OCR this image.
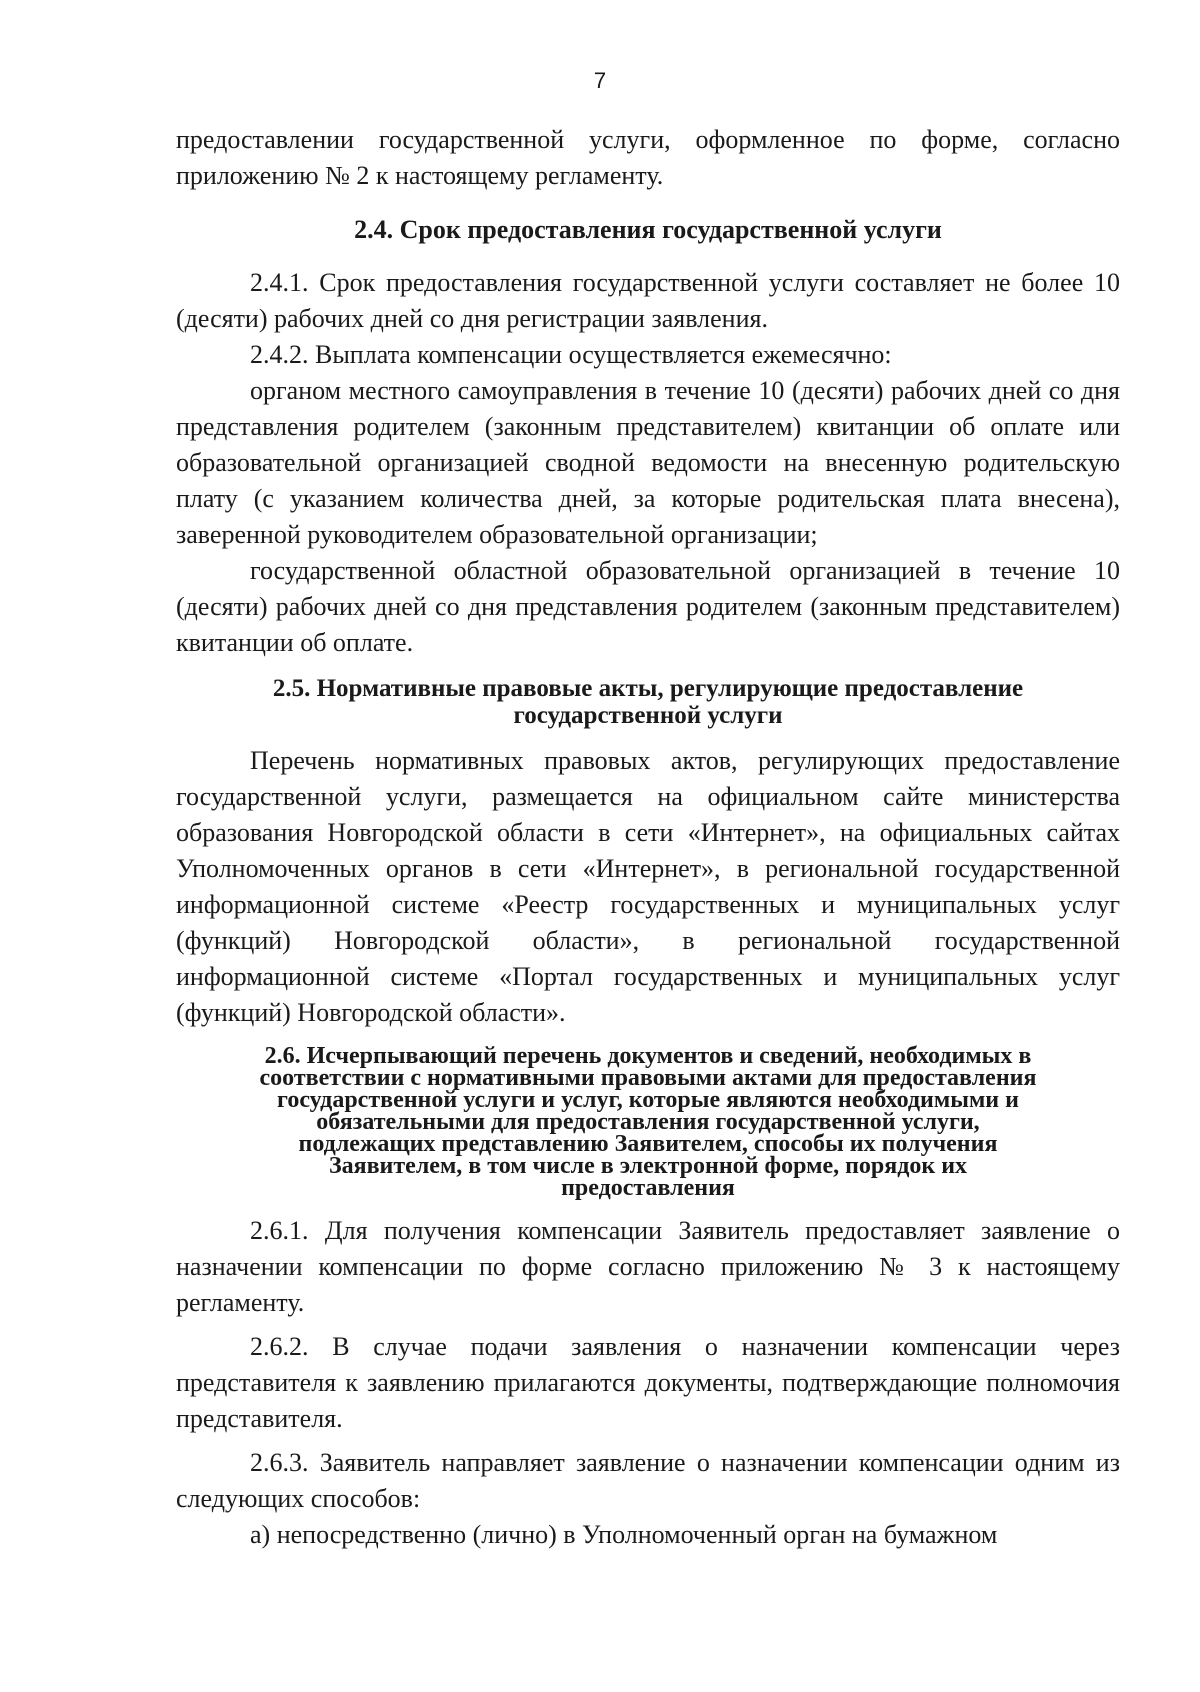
7

предоставлении государственной услуги, оформленное по форме, согласно приложению № 2 к настоящему регламенту.

2.4. Срок предоставления государственной услуги

2.4.1. Срок предоставления государственной услуги составляет не более 10 (десяти) рабочих дней со дня регистрации заявления.

2.4.2. Выплата компенсации осуществляется ежемесячно:

органом местного самоуправления в течение 10 (десяти) рабочих дней со дня представления родителем (законным представителем) квитанции об оплате или образовательной организацией сводной ведомости на внесенную родительскую плату (с указанием количества дней, за которые родительская плата внесена), заверенной руководителем образовательной организации;

государственной областной образовательной организацией в течение 10 (десяти) рабочих дней со дня представления родителем (законным представителем) квитанции об оплате.

2.5. Нормативные правовые акты, регулирующие предоставление
государственной услуги

Перечень нормативных правовых актов, регулирующих предоставление государственной услуги, размещается на официальном сайте министерства образования Новгородской области в сети «Интернет», на официальных сайтах Уполномоченных органов в сети «Интернет», в региональной государственной информационной системе «Реестр государственных и муниципальных услуг (функций) Новгородской области», в региональной государственной информационной системе «Портал государственных и муниципальных услуг (функций) Новгородской области».

2.6. Исчерпывающий перечень документов и сведений, необходимых в
соответствии с нормативными правовыми актами для предоставления
государственной услуги и услуг, которые являются необходимыми и
обязательными для предоставления государственной услуги,
подлежащих представлению Заявителем, способы их получения
Заявителем, в том числе в электронной форме, порядок их
предоставления

2.6.1. Для получения компенсации Заявитель предоставляет заявление о назначении компенсации по форме согласно приложению № 3 к настоящему регламенту.

2.6.2. В случае подачи заявления о назначении компенсации через представителя к заявлению прилагаются документы, подтверждающие полномочия представителя.

2.6.3. Заявитель направляет заявление о назначении компенсации одним из следующих способов:

а) непосредственно (лично) в Уполномоченный орган на бумажном
